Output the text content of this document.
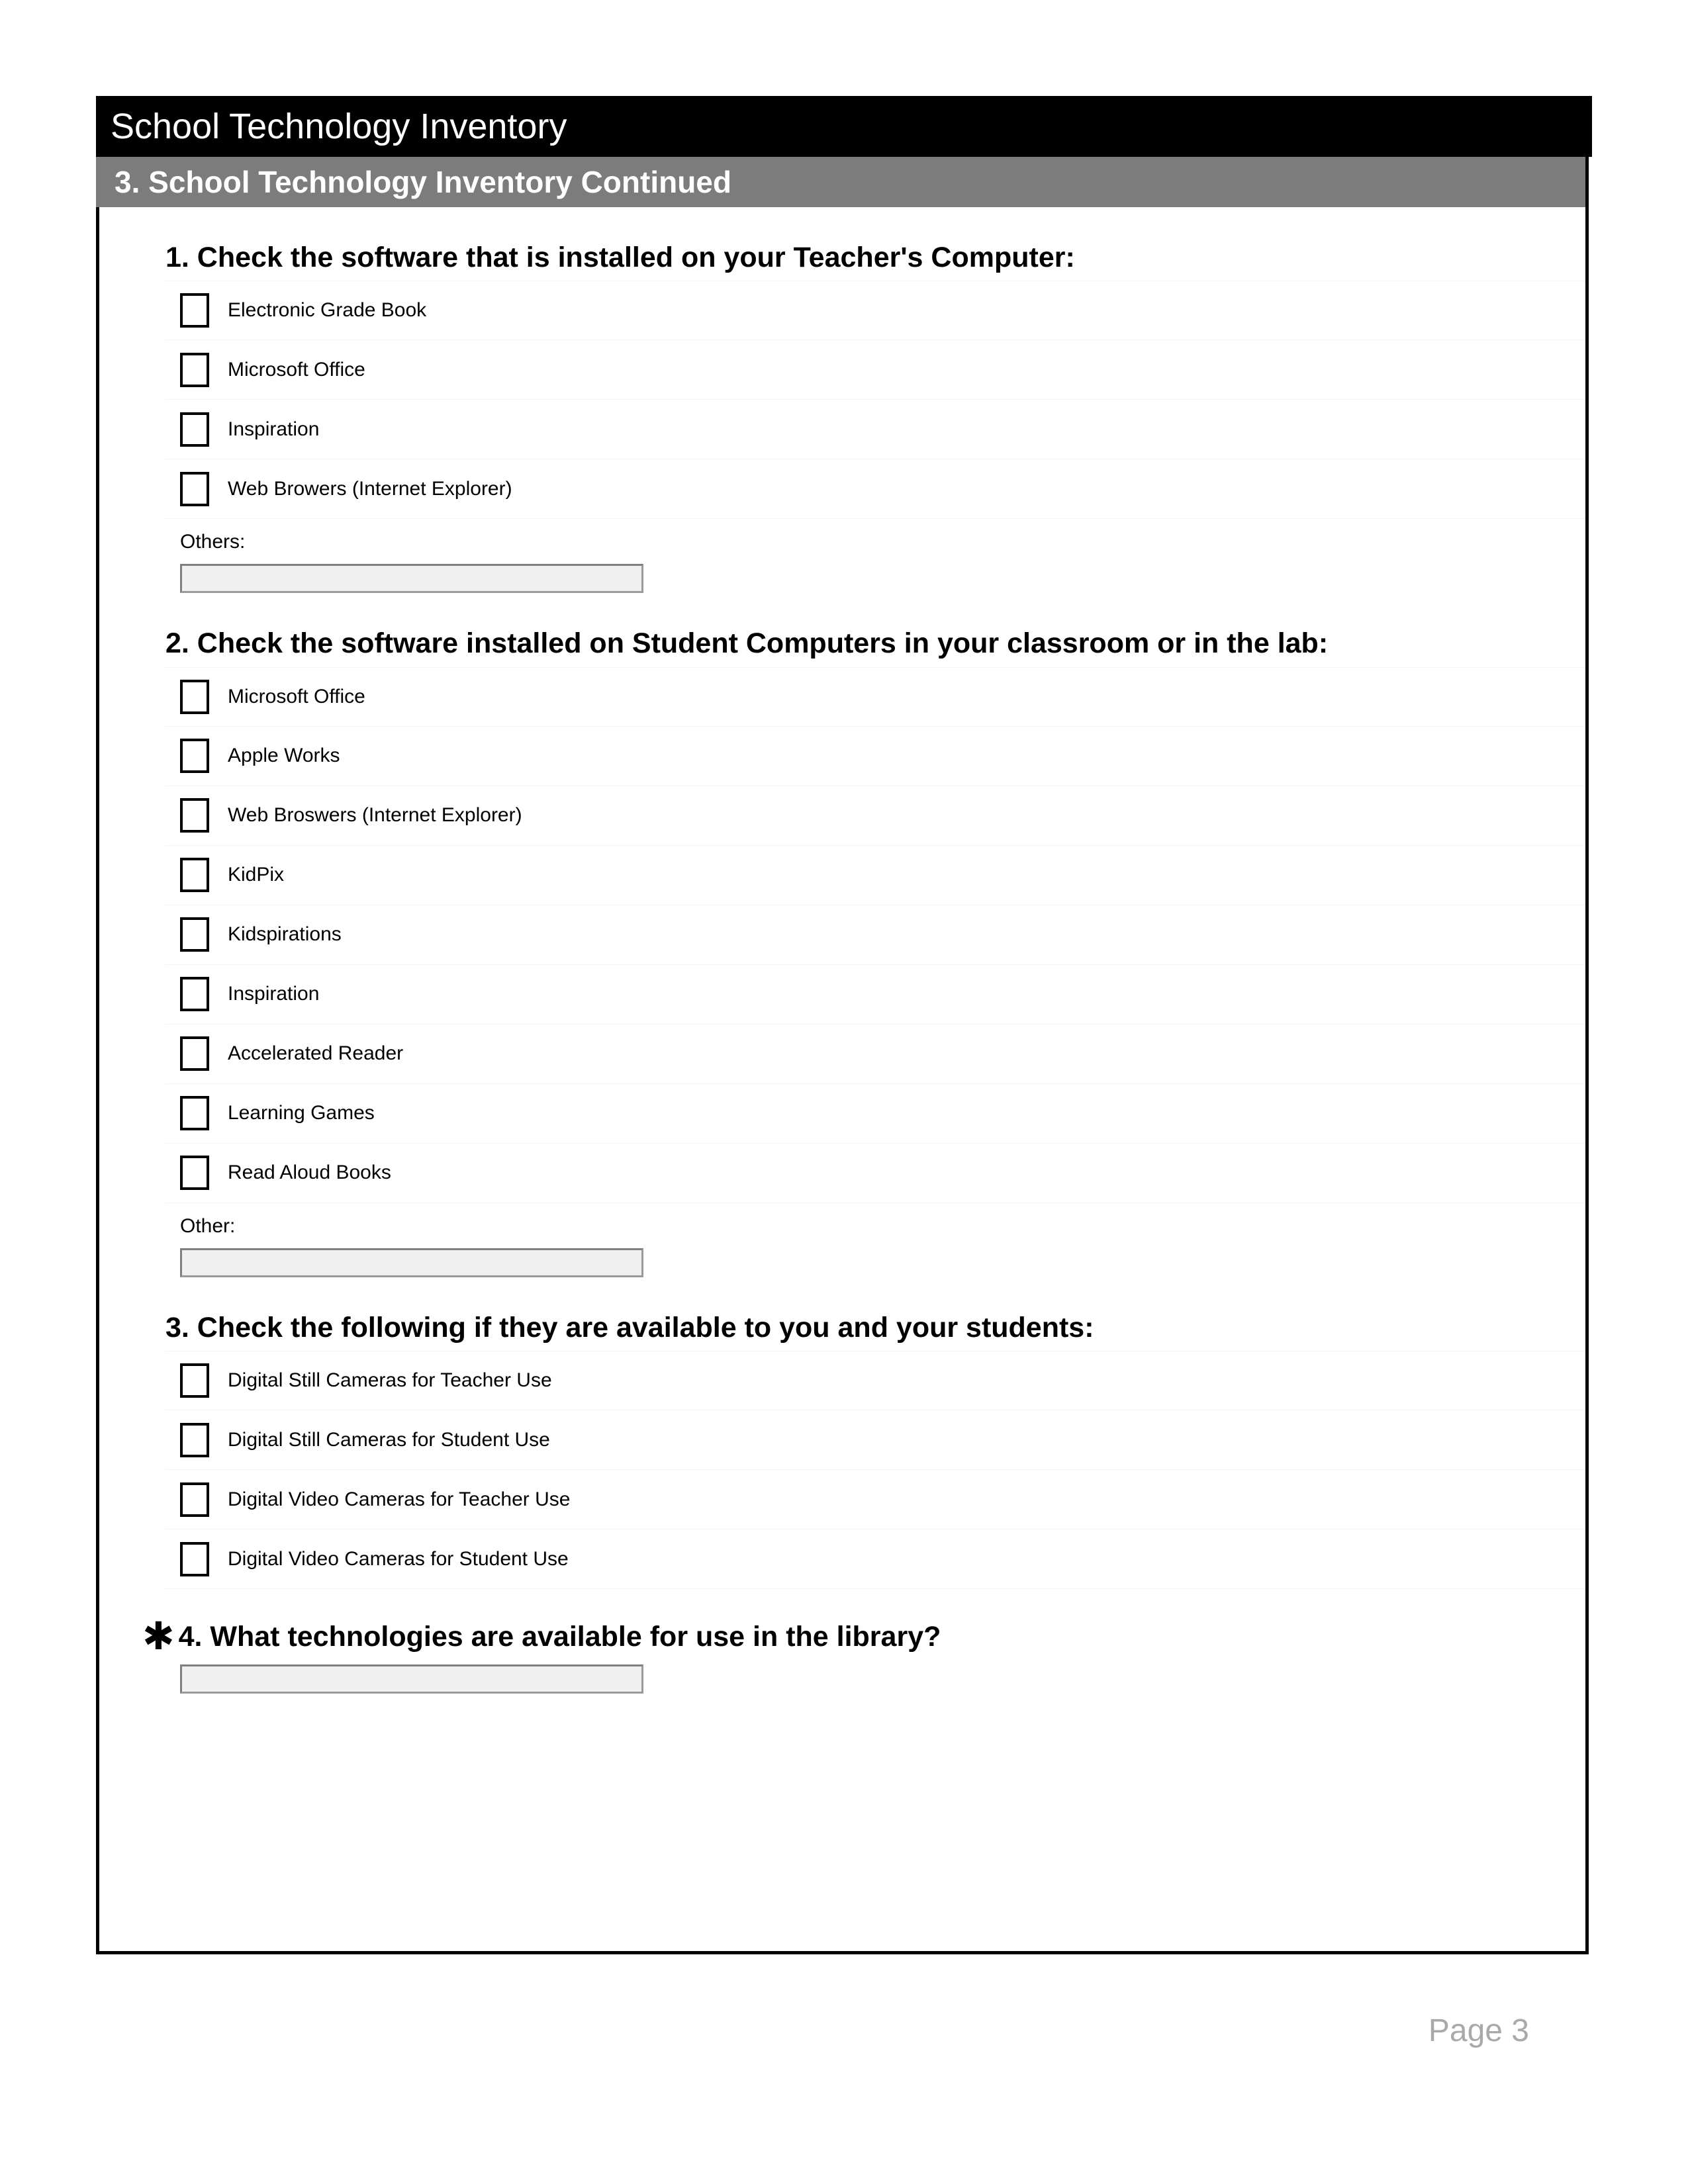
School Technology Inventory
3. School Technology Inventory Continued
1. Check the software that is installed on your Teacher's Computer:
Electronic Grade Book
Microsoft Office
Inspiration
Web Browers (Internet Explorer)
Others:
2. Check the software installed on Student Computers in your classroom or in the lab:
Microsoft Office
Apple Works
Web Broswers (Internet Explorer)
KidPix
Kidspirations
Inspiration
Accelerated Reader
Learning Games
Read Aloud Books
Other:
3. Check the following if they are available to you and your students:
Digital Still Cameras for Teacher Use
Digital Still Cameras for Student Use
Digital Video Cameras for Teacher Use
Digital Video Cameras for Student Use
✱ 4. What technologies are available for use in the library?
Page 3
